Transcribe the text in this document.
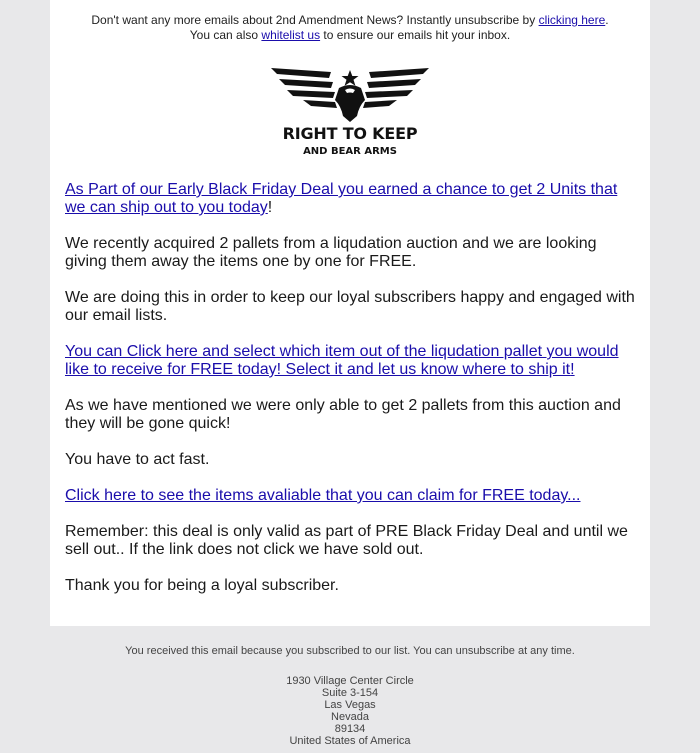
Don't want any more emails about 2nd Amendment News? Instantly unsubscribe by clicking here.
You can also whitelist us to ensure our emails hit your inbox.
RIGHT TO KEEP
AND BEAR ARMS

As Part of our Early Black Friday Deal you earned a chance to get 2 Units that we can ship out to you today!

We recently acquired 2 pallets from a liqudation auction and we are looking giving them away the items one by one for FREE.

We are doing this in order to keep our loyal subscribers happy and engaged with our email lists.

You can Click here and select which item out of the liqudation pallet you would like to receive for FREE today! Select it and let us know where to ship it!

As we have mentioned we were only able to get 2 pallets from this auction and they will be gone quick!

You have to act fast.

Click here to see the items avaliable that you can claim for FREE today...

Remember: this deal is only valid as part of PRE Black Friday Deal and until we sell out.. If the link does not click we have sold out.

Thank you for being a loyal subscriber.

You received this email because you subscribed to our list. You can unsubscribe at any time.
1930 Village Center Circle
Suite 3-154
Las Vegas
Nevada
89134
United States of America
